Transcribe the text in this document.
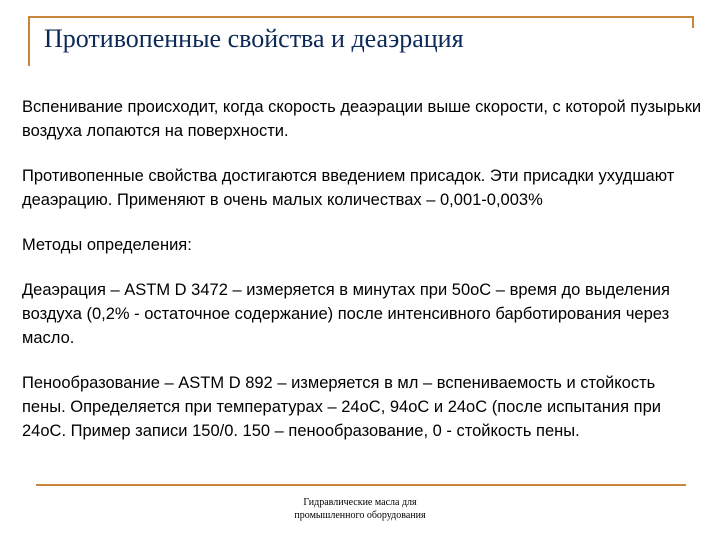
Противопенные свойства и деаэрация

Вспенивание происходит, когда скорость деаэрации выше скорости, с которой пузырьки воздуха лопаются на поверхности.

Противопенные свойства достигаются введением присадок. Эти присадки ухудшают деаэрацию. Применяют в очень малых количествах – 0,001-0,003%

Методы определения:

Деаэрация – ASTM D 3472 – измеряется в минутах при 50oC – время до выделения воздуха (0,2% - остаточное содержание) после интенсивного барботирования через масло.

Пенообразование – ASTM D 892 – измеряется в мл – вспениваемость и стойкость пены. Определяется при температурах – 24oC, 94oC и 24oC (после испытания при 24oC. Пример записи 150/0. 150 – пенообразование, 0 - стойкость пены.

Гидравлические масла для
промышленного оборудования
